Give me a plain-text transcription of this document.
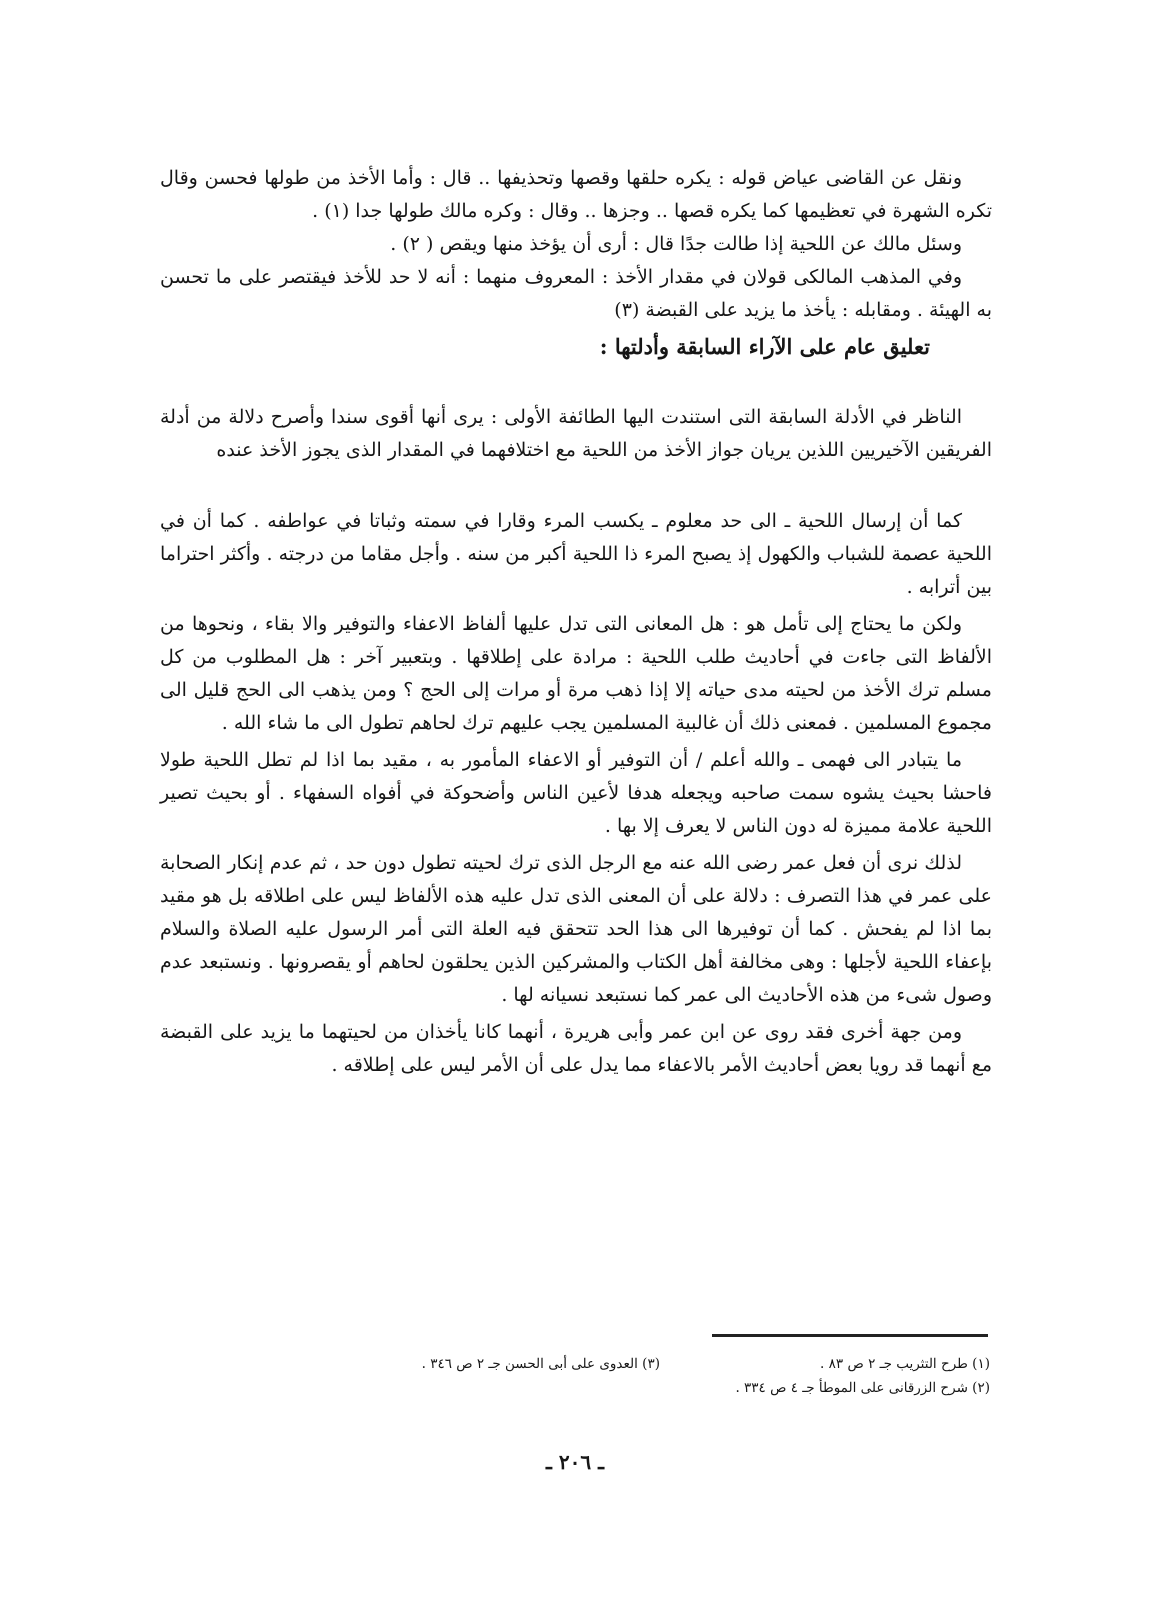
ونقل عن القاضى عياض قوله : يكره حلقها وقصها وتحذيفها .. قال : وأما الأخذ من طولها فحسن وقال تكره الشهرة في تعظيمها كما يكره قصها .. وجزها .. وقال : وكره مالك طولها جدا (١) .

وسئل مالك عن اللحية إذا طالت جدًا قال : أرى أن يؤخذ منها ويقص ( ٢) .

وفي المذهب المالكى قولان في مقدار الأخذ : المعروف منهما : أنه لا حد للأخذ فيقتصر على ما تحسن به الهيئة . ومقابله : يأخذ ما يزيد على القبضة (٣)

تعليق عام على الآراء السابقة وأدلتها :

الناظر في الأدلة السابقة التى استندت اليها الطائفة الأولى : يرى أنها أقوى سندا وأصرح دلالة من أدلة الفريقين الآخيريين اللذين يريان جواز الأخذ من اللحية مع اختلافهما في المقدار الذى يجوز الأخذ عنده

كما أن إرسال اللحية ـ الى حد معلوم ـ يكسب المرء وقارا في سمته وثباتا في عواطفه . كما أن في اللحية عصمة للشباب والكهول إذ يصبح المرء ذا اللحية أكبر من سنه . وأجل مقاما من درجته . وأكثر احتراما بين أترابه .

ولكن ما يحتاج إلى تأمل هو : هل المعانى التى تدل عليها ألفاظ الاعفاء والتوفير والا بقاء ، ونحوها من الألفاظ التى جاءت في أحاديث طلب اللحية : مرادة على إطلاقها . وبتعبير آخر : هل المطلوب من كل مسلم ترك الأخذ من لحيته مدى حياته إلا إذا ذهب مرة أو مرات إلى الحج ؟ ومن يذهب الى الحج قليل الى مجموع المسلمين . فمعنى ذلك أن غالبية المسلمين يجب عليهم ترك لحاهم تطول الى ما شاء الله .

ما يتبادر الى فهمى ـ والله أعلم / أن التوفير أو الاعفاء المأمور به ، مقيد بما اذا لم تطل اللحية طولا فاحشا بحيث يشوه سمت صاحبه ويجعله هدفا لأعين الناس وأضحوكة في أفواه السفهاء . أو بحيث تصير اللحية علامة مميزة له دون الناس لا يعرف إلا بها .

لذلك نرى أن فعل عمر رضى الله عنه مع الرجل الذى ترك لحيته تطول دون حد ، ثم عدم إنكار الصحابة على عمر في هذا التصرف : دلالة على أن المعنى الذى تدل عليه هذه الألفاظ ليس على اطلاقه بل هو مقيد بما اذا لم يفحش . كما أن توفيرها الى هذا الحد تتحقق فيه العلة التى أمر الرسول عليه الصلاة والسلام بإعفاء اللحية لأجلها : وهى مخالفة أهل الكتاب والمشركين الذين يحلقون لحاهم أو يقصرونها . ونستبعد عدم وصول شىء من هذه الأحاديث الى عمر كما نستبعد نسيانه لها .

ومن جهة أخرى فقد روى عن ابن عمر وأبى هريرة ، أنهما كانا يأخذان من لحيتهما ما يزيد على القبضة مع أنهما قد رويا بعض أحاديث الأمر بالاعفاء مما يدل على أن الأمر ليس على إطلاقه .

(١) طرح التثريب جـ ٢ ص ٨٣ .
(٢) شرح الزرقانى على الموطأ جـ ٤ ص ٣٣٤ .
(٣) العدوى على أبى الحسن جـ ٢ ص ٣٤٦ .
ـ ٢٠٦ ـ
